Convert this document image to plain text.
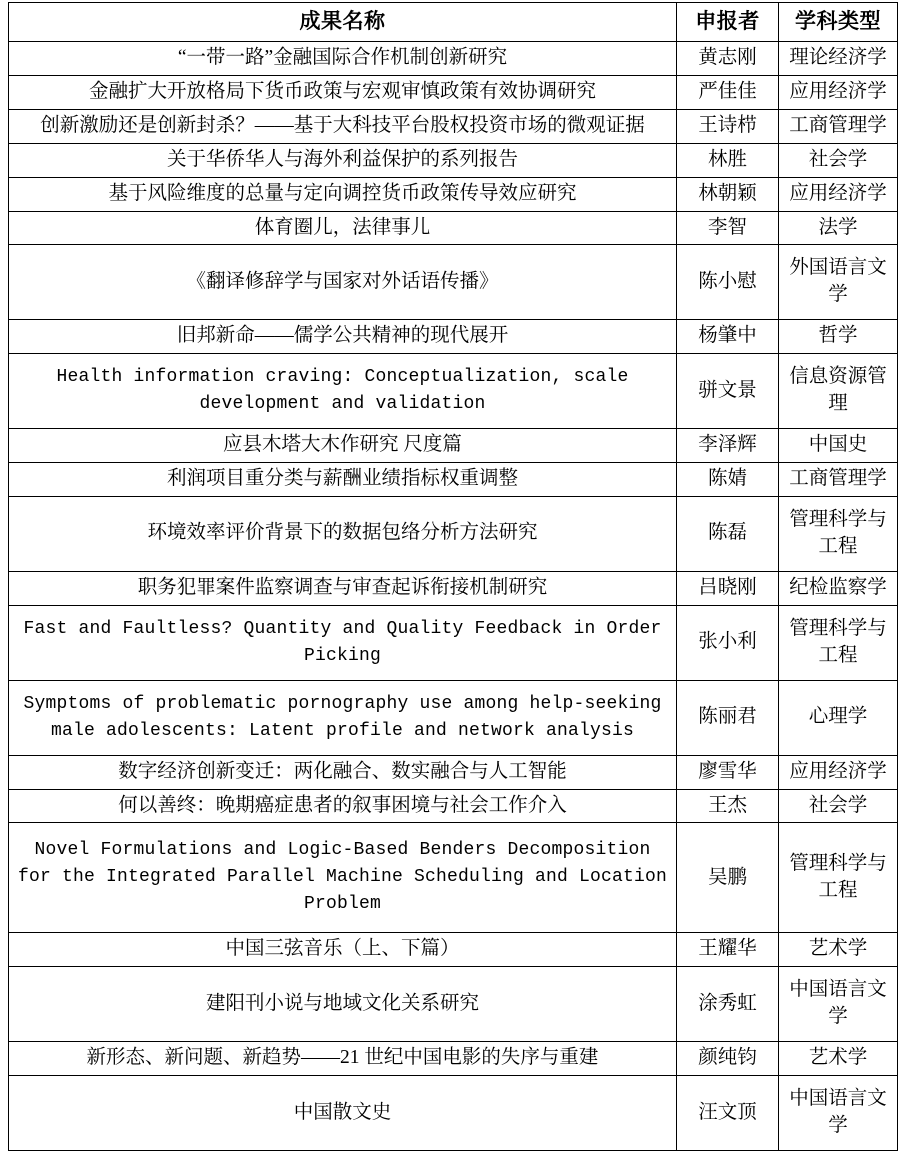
成果名称	申报者	学科类型
“一带一路”金融国际合作机制创新研究	黄志刚	理论经济学
金融扩大开放格局下货币政策与宏观审慎政策有效协调研究	严佳佳	应用经济学
创新激励还是创新封杀？——基于大科技平台股权投资市场的微观证据	王诗栉	工商管理学
关于华侨华人与海外利益保护的系列报告	林胜	社会学
基于风险维度的总量与定向调控货币政策传导效应研究	林朝颖	应用经济学
体育圈儿，法律事儿	李智	法学
《翻译修辞学与国家对外话语传播》	陈小慰	外国语言文学
旧邦新命——儒学公共精神的现代展开	杨肇中	哲学
Health information craving: Conceptualization, scale development and validation	骈文景	信息资源管理
应县木塔大木作研究 尺度篇	李泽辉	中国史
利润项目重分类与薪酬业绩指标权重调整	陈婧	工商管理学
环境效率评价背景下的数据包络分析方法研究	陈磊	管理科学与工程
职务犯罪案件监察调查与审查起诉衔接机制研究	吕晓刚	纪检监察学
Fast and Faultless? Quantity and Quality Feedback in Order Picking	张小利	管理科学与工程
Symptoms of problematic pornography use among help-seeking male adolescents: Latent profile and network analysis	陈丽君	心理学
数字经济创新变迁：两化融合、数实融合与人工智能	廖雪华	应用经济学
何以善终：晚期癌症患者的叙事困境与社会工作介入	王杰	社会学
Novel Formulations and Logic-Based Benders Decomposition for the Integrated Parallel Machine Scheduling and Location Problem	吴鹏	管理科学与工程
中国三弦音乐（上、下篇）	王耀华	艺术学
建阳刊小说与地域文化关系研究	涂秀虹	中国语言文学
新形态、新问题、新趋势——21 世纪中国电影的失序与重建	颜纯钧	艺术学
中国散文史	汪文顶	中国语言文学
